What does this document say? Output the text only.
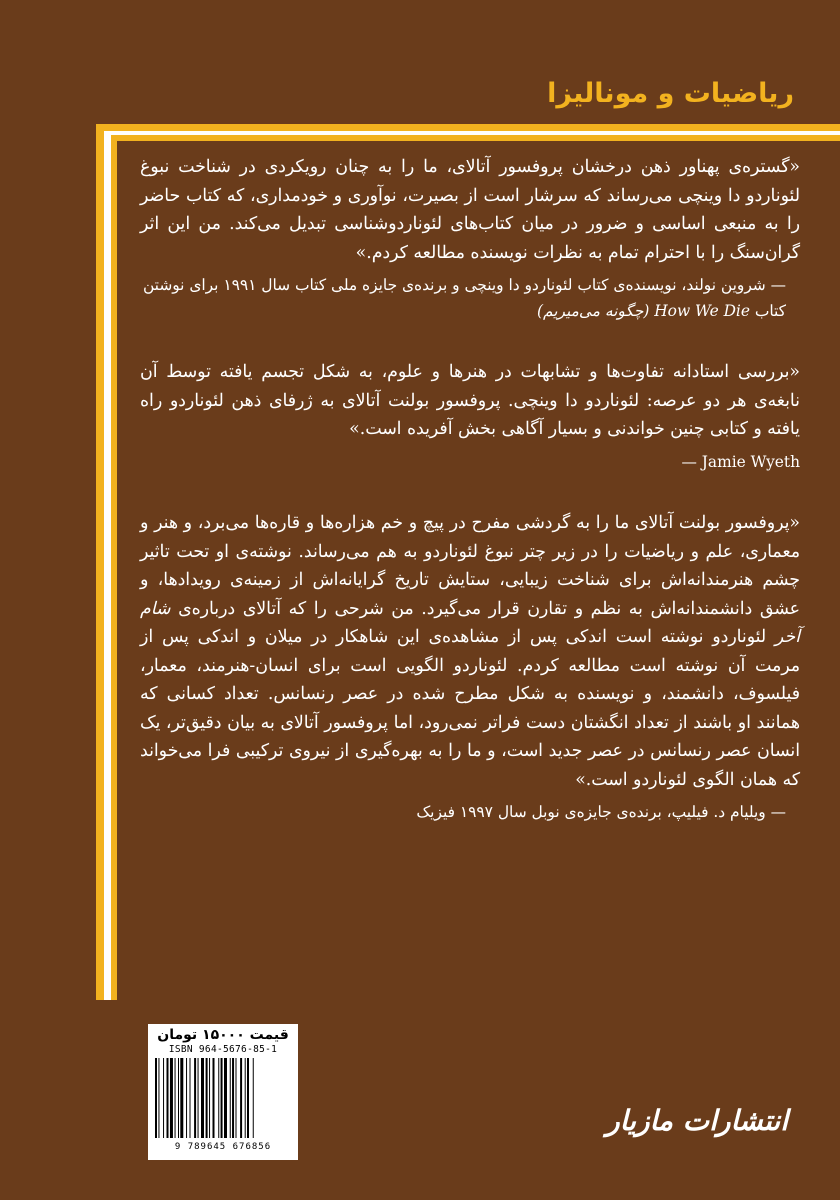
ریاضیات و مونالیزا

«گستره‌ی پهناور ذهن درخشان پروفسور آتالای، ما را به چنان رویکردی در شناخت نبوغ لئوناردو دا وینچی می‌رساند که سرشار است از بصیرت، نوآوری و خودمداری، که کتاب حاضر را به منبعی اساسی و ضرور در میان کتاب‌های لئوناردوشناسی تبدیل می‌کند. من این اثر گران‌سنگ را با احترام تمام به نظرات نویسنده مطالعه کردم.»

— شروین نولند، نویسنده‌ی کتاب لئوناردو دا وینچی و برنده‌ی جایزه ملی کتاب سال ۱۹۹۱ برای نوشتن کتاب How We Die (چگونه می‌میریم)

«بررسی استادانه تفاوت‌ها و تشابهات در هنرها و علوم، به شکل تجسم یافته توسط آن نابغه‌ی هر دو عرصه: لئوناردو دا وینچی. پروفسور بولنت آتالای به ژرفای ذهن لئوناردو راه یافته و کتابی چنین خواندنی و بسیار آگاهی بخش آفریده است.»

— Jamie Wyeth

«پروفسور بولنت آتالای ما را به گردشی مفرح در پیچ و خم هزاره‌ها و قاره‌ها می‌برد، و هنر و معماری، علم و ریاضیات را در زیر چتر نبوغ لئوناردو به هم می‌رساند. نوشته‌ی او تحت تاثیر چشم هنرمندانه‌اش برای شناخت زیبایی، ستایش تاریخ گرایانه‌اش از زمینه‌ی رویدادها، و عشق دانشمندانه‌اش به نظم و تقارن قرار می‌گیرد. من شرحی را که آتالای درباره‌ی شام آخر لئوناردو نوشته است اندکی پس از مشاهده‌ی این شاهکار در میلان و اندکی پس از مرمت آن نوشته است مطالعه کردم. لئوناردو الگویی است برای انسان-هنرمند، معمار، فیلسوف، دانشمند، و نویسنده به شکل مطرح شده در عصر رنسانس. تعداد کسانی که همانند او باشند از تعداد انگشتان دست فراتر نمی‌رود، اما پروفسور آتالای به بیان دقیق‌تر، یک انسان عصر رنسانس در عصر جدید است، و ما را به بهره‌گیری از نیروی ترکیبی فرا می‌خواند که همان الگوی لئوناردو است.»

— ویلیام د. فیلیپ، برنده‌ی جایزه‌ی نوبل سال ۱۹۹۷ فیزیک

قیمت ۱۵۰۰۰ تومان
ISBN 964-5676-85-1
9 789645 676856
انتشارات مازیار
